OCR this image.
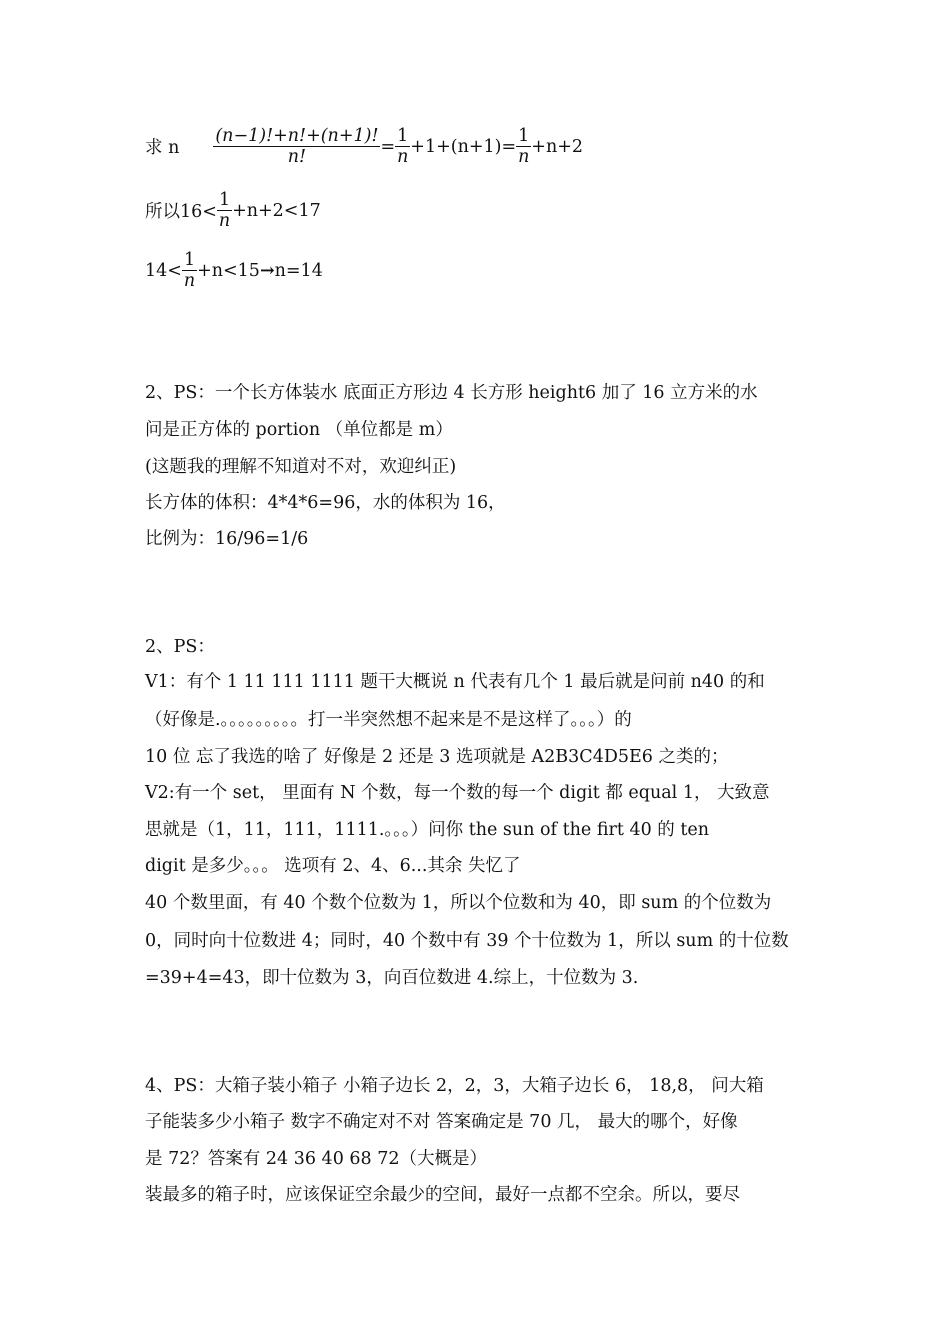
求 n $\frac{(n-1)!+n!+(n+1)!}{n!} = \frac{1}{n} +1+(n+1)= \frac{1}{n} +n+2$
所以$16< \frac{1}{n} +n+2<17$
$14< \frac{1}{n} +n<15 \to n=14$
2、PS：一个长方体装水 底面正方形边 4 长方形 height6 加了 16 立方米的水
问是正方体的 portion （单位都是 m）
(这题我的理解不知道对不对，欢迎纠正)
长方体的体积：4*4*6=96，水的体积为 16，
比例为：16/96=1/6
2、PS：
V1：有个 1 11 111 1111 题干大概说 n 代表有几个 1 最后就是问前 n40 的和
（好像是.。。。。。。。。。打一半突然想不起来是不是这样了。。。）的
10 位 忘了我选的啥了 好像是 2 还是 3 选项就是 A2B3C4D5E6 之类的；
V2:有一个 set， 里面有 N 个数，每一个数的每一个 digit 都 equal 1， 大致意
思就是（1，11，111，1111.。。。）问你 the sun of the firt 40 的 ten
digit 是多少。。。 选项有 2、4、6...其余 失忆了
40 个数里面，有 40 个数个位数为 1，所以个位数和为 40，即 sum 的个位数为
0，同时向十位数进 4；同时，40 个数中有 39 个十位数为 1，所以 sum 的十位数
=39+4=43，即十位数为 3，向百位数进 4.综上，十位数为 3.
4、PS：大箱子装小箱子 小箱子边长 2，2，3，大箱子边长 6， 18,8， 问大箱
子能装多少小箱子 数字不确定对不对 答案确定是 70 几， 最大的哪个，好像
是 72？答案有 24 36 40 68 72（大概是）
装最多的箱子时，应该保证空余最少的空间，最好一点都不空余。所以，要尽
